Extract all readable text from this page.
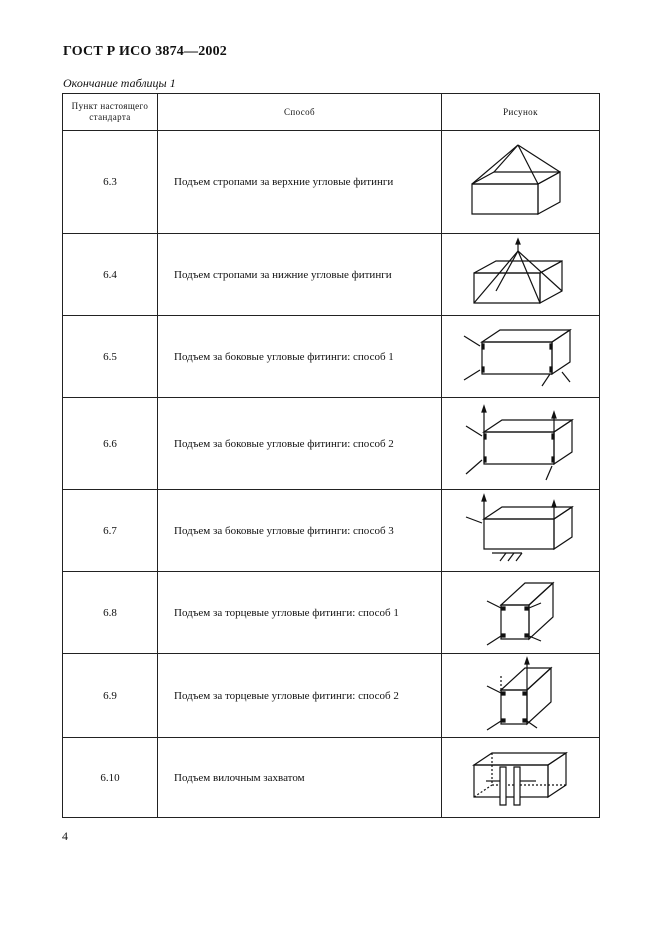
ГОСТ Р ИСО 3874—2002
Окончание таблицы 1
Пункт настоящего стандарта	Способ	Рисунок
6.3	Подъем стропами за верхние угловые фитинги	

6.4	Подъем стропами за нижние угловые фитинги	

6.5	Подъем за боковые угловые фитинги: способ 1	

6.6	Подъем за боковые угловые фитинги: способ 2	

6.7	Подъем за боковые угловые фитинги: способ 3	

6.8	Подъем за торцевые угловые фитинги: способ 1	

6.9	Подъем за торцевые угловые фитинги: способ 2	

6.10	Подъем вилочным захватом	
4
